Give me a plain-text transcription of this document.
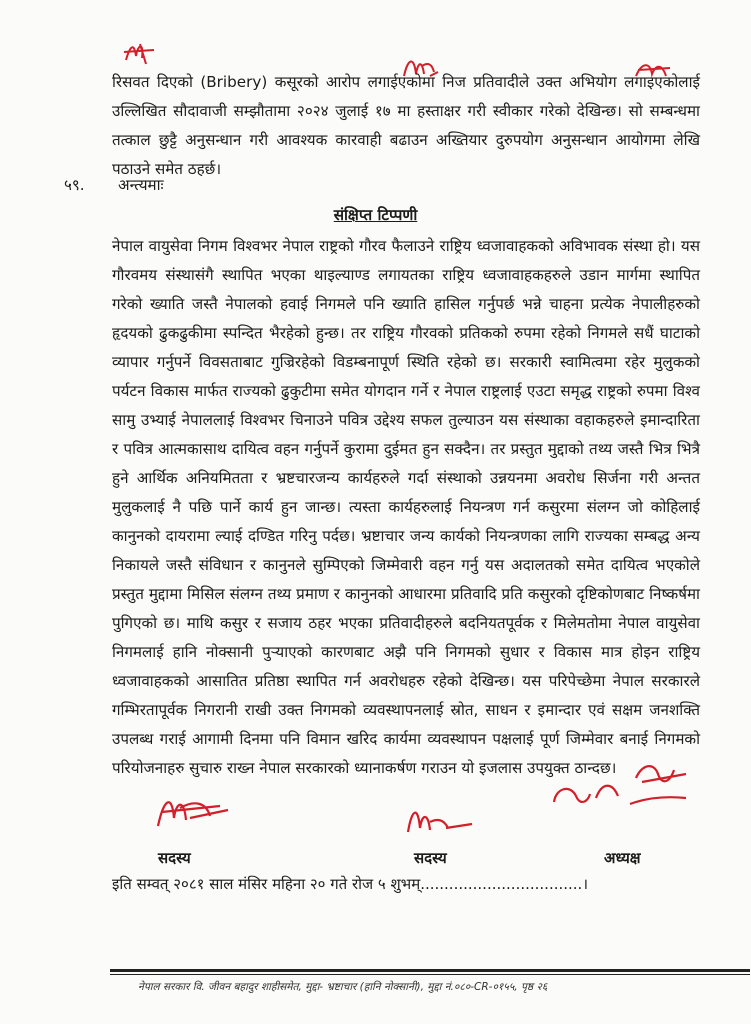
रिसवत दिएको (Bribery) कसूरको आरोप लगाईएकोमा निज प्रतिवादीले उक्त अभियोग लगाइएकोलाई उल्लिखित सौदावाजी सम्झौतामा २०२४ जुलाई १७ मा हस्ताक्षर गरी स्वीकार गरेको देखिन्छ। सो सम्बन्धमा तत्काल छुट्टै अनुसन्धान गरी आवश्यक कारवाही बढाउन अख्तियार दुरुपयोग अनुसन्धान आयोगमा लेखि पठाउने समेत ठहर्छ।

५९. अन्त्यमाः
संक्षिप्त टिप्पणी

नेपाल वायुसेवा निगम विश्वभर नेपाल राष्ट्रको गौरव फैलाउने राष्ट्रिय ध्वजावाहकको अविभावक संस्था हो। यस गौरवमय संस्थासंगै स्थापित भएका थाइल्याण्ड लगायतका राष्ट्रिय ध्वजावाहकहरुले उडान मार्गमा स्थापित गरेको ख्याति जस्तै नेपालको हवाई निगमले पनि ख्याति हासिल गर्नुपर्छ भन्ने चाहना प्रत्येक नेपालीहरुको हृदयको ढुकढुकीमा स्पन्दित भैरहेको हुन्छ। तर राष्ट्रिय गौरवको प्रतिकको रुपमा रहेको निगमले सधैं घाटाको व्यापार गर्नुपर्ने विवसताबाट गुज्रिरहेको विडम्बनापूर्ण स्थिति रहेको छ। सरकारी स्वामित्वमा रहेर मुलुकको पर्यटन विकास मार्फत राज्यको ढुकुटीमा समेत योगदान गर्ने र नेपाल राष्ट्रलाई एउटा समृद्ध राष्ट्रको रुपमा विश्व सामु उभ्याई नेपाललाई विश्वभर चिनाउने पवित्र उद्देश्य सफल तुल्याउन यस संस्थाका वहाकहरुले इमान्दारिता र पवित्र आत्मकासाथ दायित्व वहन गर्नुपर्ने कुरामा दुईमत हुन सक्दैन। तर प्रस्तुत मुद्दाको तथ्य जस्तै भित्र भित्रै हुने आर्थिक अनियमितता र भ्रष्टचारजन्य कार्यहरुले गर्दा संस्थाको उन्नयनमा अवरोध सिर्जना गरी अन्तत मुलुकलाई नै पछि पार्ने कार्य हुन जान्छ। त्यस्ता कार्यहरुलाई नियन्त्रण गर्न कसुरमा संलग्न जो कोहिलाई कानुनको दायरामा ल्याई दण्डित गरिनु पर्दछ। भ्रष्टाचार जन्य कार्यको नियन्त्रणका लागि राज्यका सम्बद्ध अन्य निकायले जस्तै संविधान र कानुनले सुम्पिएको जिम्मेवारी वहन गर्नु यस अदालतको समेत दायित्व भएकोले प्रस्तुत मुद्दामा मिसिल संलग्न तथ्य प्रमाण र कानुनको आधारमा प्रतिवादि प्रति कसुरको दृष्टिकोणबाट निष्कर्षमा पुगिएको छ। माथि कसुर र सजाय ठहर भएका प्रतिवादीहरुले बदनियतपूर्वक र मिलेमतोमा नेपाल वायुसेवा निगमलाई हानि नोक्सानी पुऱ्याएको कारणबाट अझै पनि निगमको सुधार र विकास मात्र होइन राष्ट्रिय ध्वजावाहकको आसातित प्रतिष्ठा स्थापित गर्न अवरोधहरु रहेको देखिन्छ। यस परिपेच्छेमा नेपाल सरकारले गम्भिरतापूर्वक निगरानी राखी उक्त निगमको व्यवस्थापनलाई स्रोत, साधन र इमान्दार एवं सक्षम जनशक्ति उपलब्ध गराई आगामी दिनमा पनि विमान खरिद कार्यमा व्यवस्थापन पक्षलाई पूर्ण जिम्मेवार बनाई निगमको परियोजनाहरु सुचारु राख्न नेपाल सरकारको ध्यानाकर्षण गराउन यो इजलास उपयुक्त ठान्दछ।

सदस्य	सदस्य	अध्यक्ष
इति सम्वत् २०८१ साल मंसिर महिना २० गते रोज ५ शुभम्..................................।
नेपाल सरकार वि. जीवन बहादुर शाहीसमेत, मुद्दा- भ्रष्टाचार (हानि नोक्सानी), मुद्दा नं.०८०-CR-०१५५, पृष्ठ २६
